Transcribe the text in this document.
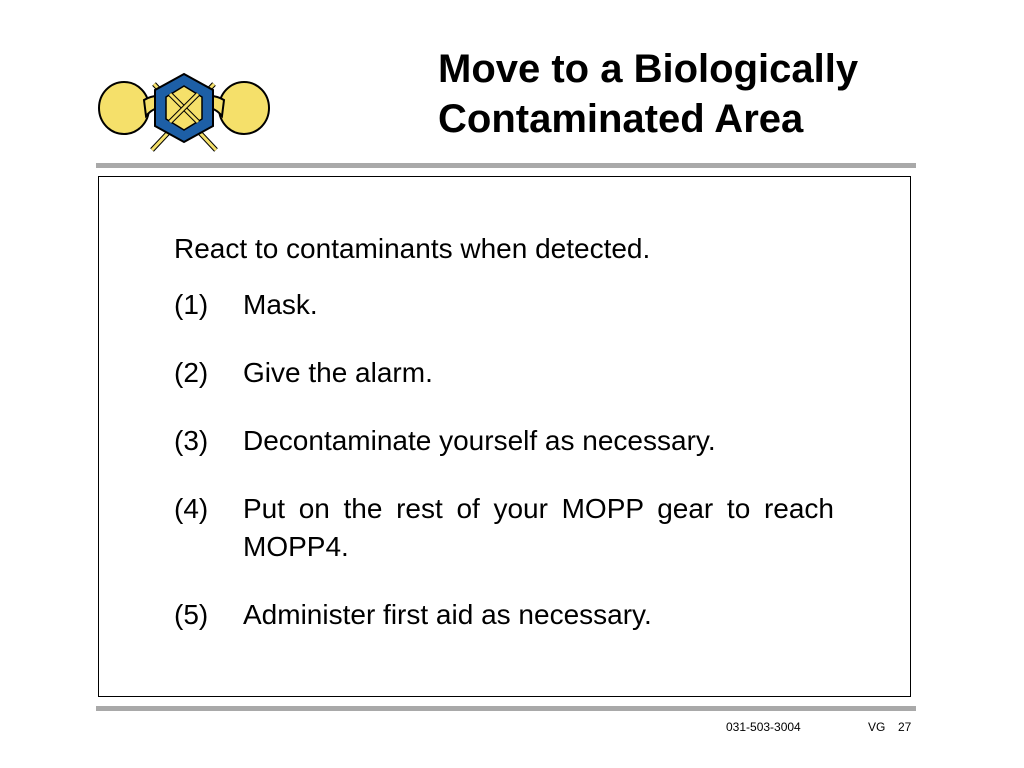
Move to a Biologically
Contaminated Area
React to contaminants when detected.
(1)	Mask.
(2)	Give the alarm.
(3)	Decontaminate yourself as necessary.
(4)	Put on the rest of your MOPP gear to reach MOPP4.
(5)	Administer first aid as necessary.
031-503-3004	VG 27
